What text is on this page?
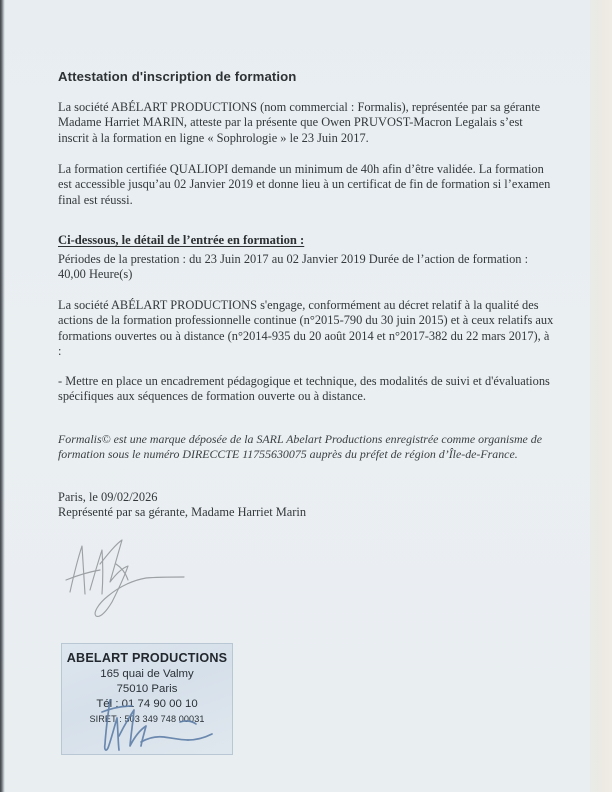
Attestation d'inscription de formation
La société ABÉLART PRODUCTIONS (nom commercial : Formalis), représentée par sa gérante Madame Harriet MARIN, atteste par la présente que Owen PRUVOST-Macron Legalais s’est inscrit à la formation en ligne « Sophrologie » le 23 Juin 2017.
La formation certifiée QUALIOPI demande un minimum de 40h afin d’être validée. La formation est accessible jusqu’au 02 Janvier 2019 et donne lieu à un certificat de fin de formation si l’examen final est réussi.
Ci-dessous, le détail de l’entrée en formation :
Périodes de la prestation : du 23 Juin 2017 au 02 Janvier 2019 Durée de l’action de formation : 40,00 Heure(s)
La société ABÉLART PRODUCTIONS s'engage, conformément au décret relatif à la qualité des actions de la formation professionnelle continue (n°2015-790 du 30 juin 2015) et à ceux relatifs aux formations ouvertes ou à distance (n°2014-935 du 20 août 2014 et n°2017-382 du 22 mars 2017), à :
- Mettre en place un encadrement pédagogique et technique, des modalités de suivi et d'évaluations spécifiques aux séquences de formation ouverte ou à distance.
Formalis© est une marque déposée de la SARL Abelart Productions enregistrée comme organisme de formation sous le numéro DIRECCTE 11755630075 auprès du préfet de région d’Île-de-France.
Paris, le 09/02/2026
Représenté par sa gérante, Madame Harriet Marin
ABELART PRODUCTIONS
165 quai de Valmy
75010 Paris
Tél : 01 74 90 00 10
SIRET : 503 349 748 00031
